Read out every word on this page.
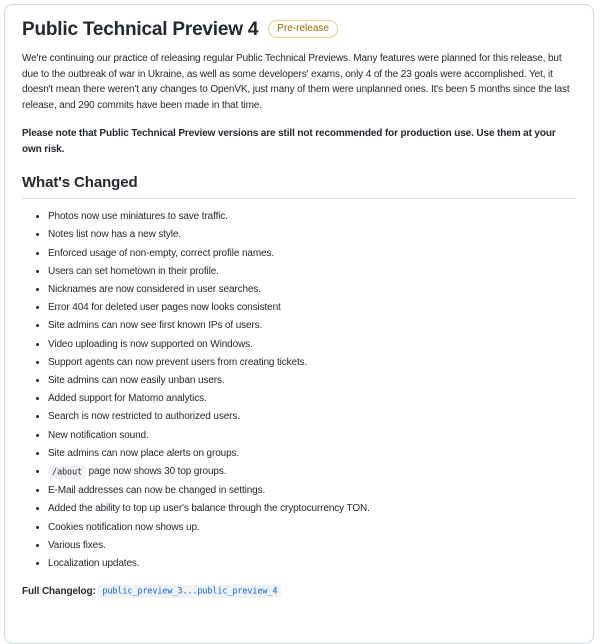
Public Technical Preview 4 Pre-release

We're continuing our practice of releasing regular Public Technical Previews. Many features were planned for this release, but due to the outbreak of war in Ukraine, as well as some developers' exams, only 4 of the 23 goals were accomplished. Yet, it doesn't mean there weren't any changes to OpenVK, just many of them were unplanned ones. It's been 5 months since the last release, and 290 commits have been made in that time.

Please note that Public Technical Preview versions are still not recommended for production use. Use them at your own risk.

What's Changed
• Photos now use miniatures to save traffic.
• Notes list now has a new style.
• Enforced usage of non-empty, correct profile names.
• Users can set hometown in their profile.
• Nicknames are now considered in user searches.
• Error 404 for deleted user pages now looks consistent
• Site admins can now see first known IPs of users.
• Video uploading is now supported on Windows.
• Support agents can now prevent users from creating tickets.
• Site admins can now easily unban users.
• Added support for Matomo analytics.
• Search is now restricted to authorized users.
• New notification sound.
• Site admins can now place alerts on groups.
• /about page now shows 30 top groups.
• E-Mail addresses can now be changed in settings.
• Added the ability to top up user's balance through the cryptocurrency TON.
• Cookies notification now shows up.
• Various fixes.
• Localization updates.

Full Changelog: public_preview_3...public_preview_4
